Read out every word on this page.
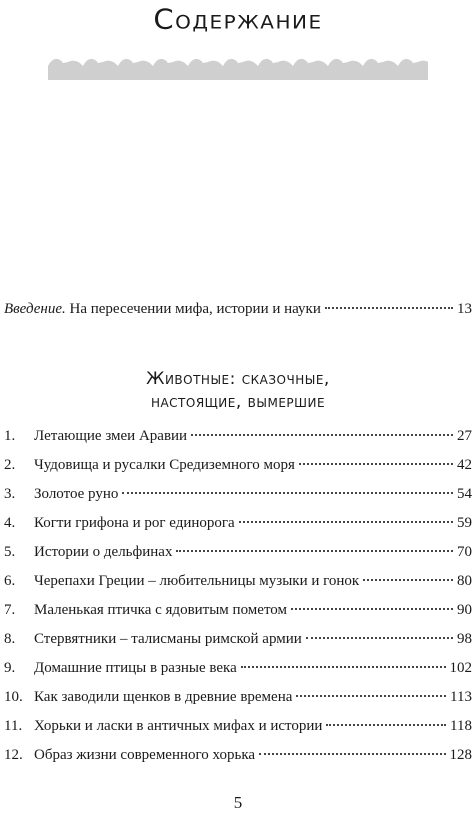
Содержание
Введение. На пересечении мифа, истории и науки	13
Животные: сказочные,
настоящие, вымершие
1.	Летающие змеи Аравии	27
2.	Чудовища и русалки Средиземного моря	42
3.	Золотое руно	54
4.	Когти грифона и рог единорога	59
5.	Истории о дельфинах	70
6.	Черепахи Греции – любительницы музыки и гонок	80
7.	Маленькая птичка с ядовитым пометом	90
8.	Стервятники – талисманы римской армии	98
9.	Домашние птицы в разные века	102
10. Как заводили щенков в древние времена	113
11. Хорьки и ласки в античных мифах и истории	118
12. Образ жизни современного хорька	128
5
